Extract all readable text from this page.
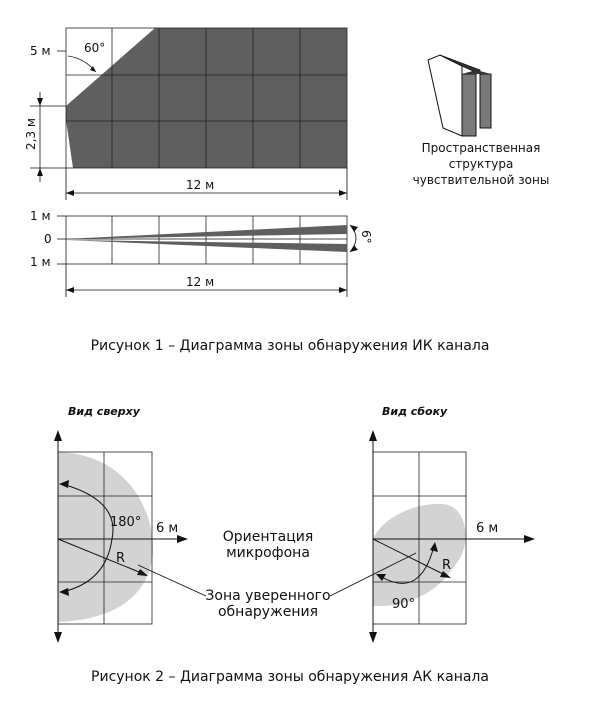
60°
5 м
2,3 м
12 м
1 м
0
1 м
6°
12 м
Пространственная
структура
чувствительной зоны
Рисунок 1 – Диаграмма зоны обнаружения ИК канала
Вид сверху	Вид сбоку
180°
R
6 м
90°
R
6 м
Ориентация
микрофона
Зона уверенного
обнаружения
Рисунок 2 – Диаграмма зоны обнаружения АК канала
